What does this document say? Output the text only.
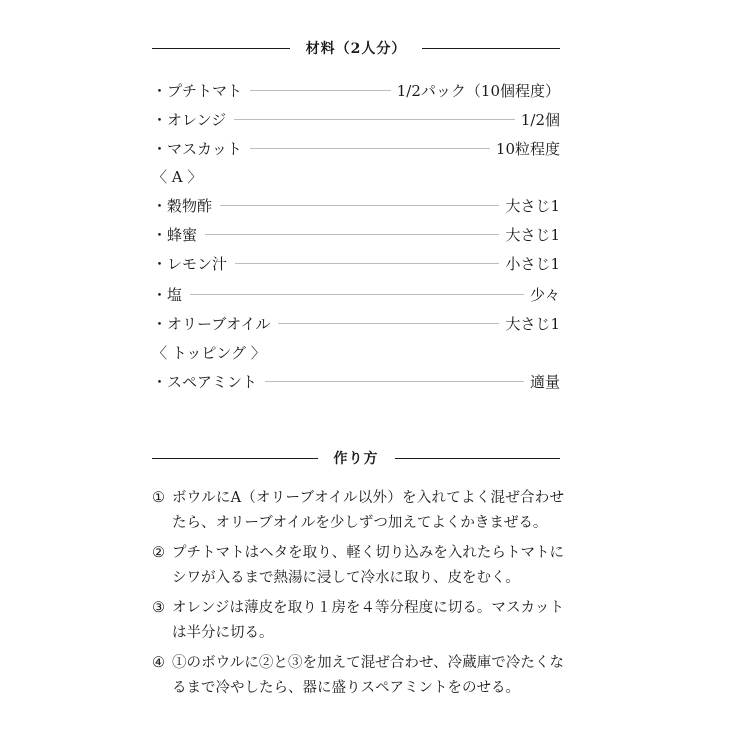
材料（2人分）
・プチトマト	1/2パック（10個程度）
・オレンジ	1/2個
・マスカット	10粒程度
〈 A 〉
・穀物酢	大さじ1
・蜂蜜	大さじ1
・レモン汁	小さじ1
・塩	少々
・オリーブオイル	大さじ1
〈 トッピング 〉
・スペアミント	適量
作り方
① ボウルにA（オリーブオイル以外）を入れてよく混ぜ合わせたら、オリーブオイルを少しずつ加えてよくかきまぜる。
② プチトマトはヘタを取り、軽く切り込みを入れたらトマトにシワが入るまで熱湯に浸して冷水に取り、皮をむく。
③ オレンジは薄皮を取り１房を４等分程度に切る。マスカットは半分に切る。
④ ①のボウルに②と③を加えて混ぜ合わせ、冷蔵庫で冷たくなるまで冷やしたら、器に盛りスペアミントをのせる。
